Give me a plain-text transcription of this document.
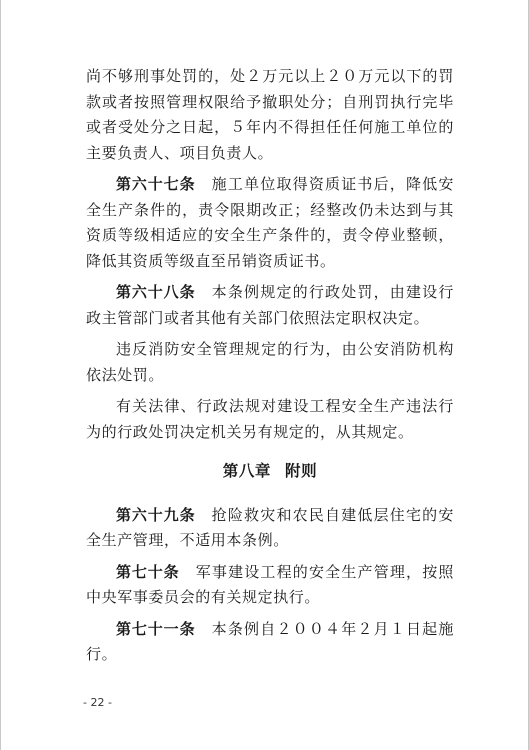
尚不够刑事处罚的，处２万元以上２０万元以下的罚款或者按照管理权限给予撤职处分；自刑罚执行完毕或者受处分之日起，５年内不得担任任何施工单位的主要负责人、项目负责人。

第六十七条　 施工单位取得资质证书后，降低安全生产条件的，责令限期改正；经整改仍未达到与其资质等级相适应的安全生产条件的，责令停业整顿，降低其资质等级直至吊销资质证书。

第六十八条　 本条例规定的行政处罚，由建设行政主管部门或者其他有关部门依照法定职权决定。

违反消防安全管理规定的行为，由公安消防机构依法处罚。

有关法律、行政法规对建设工程安全生产违法行为的行政处罚决定机关另有规定的，从其规定。

第八章 附则

第六十九条　 抢险救灾和农民自建低层住宅的安全生产管理，不适用本条例。

第七十条　 军事建设工程的安全生产管理，按照中央军事委员会的有关规定执行。

第七十一条　 本条例自２００４年２月１日起施行。

- 22 -
